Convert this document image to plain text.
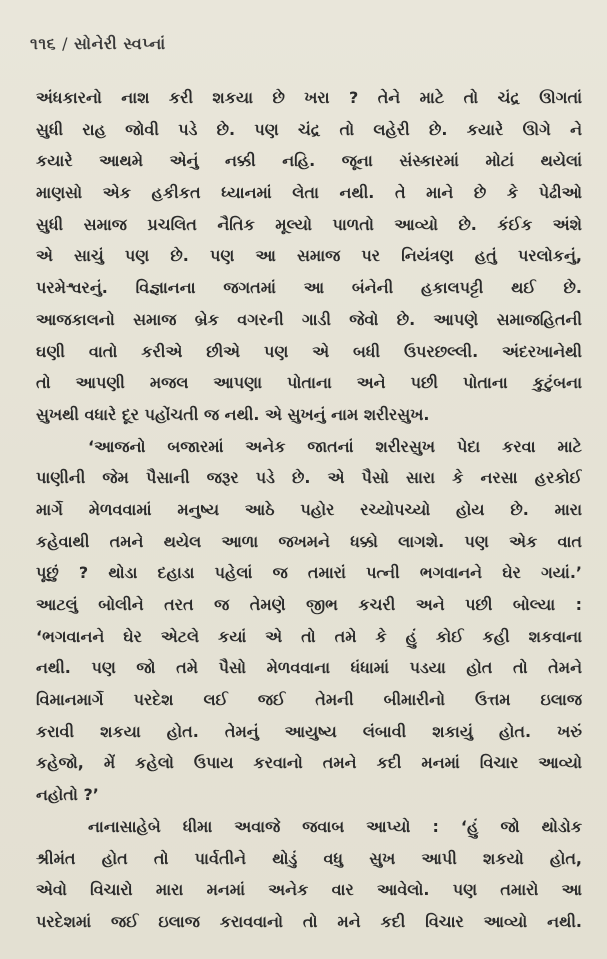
૧૧૬ / સોનેરી સ્વપ્નાં
અંધકારનો નાશ કરી શકયા છે ખરા ? તેને માટે તો ચંદ્ર ઊગતાં
સુધી રાહ જોવી પડે છે. પણ ચંદ્ર તો લહેરી છે. કયારે ઊગે ને
કયારે આથમે એનું નક્કી નહિ. જૂના સંસ્કારમાં મોટાં થયેલાં
માણસો એક હકીકત ધ્યાનમાં લેતા નથી. તે માને છે કે પેઢીઓ
સુધી સમાજ પ્રચલિત નૈતિક મૂલ્યો પાળતો આવ્યો છે. કંઈક અંશે
એ સાચું પણ છે. પણ આ સમાજ પર નિયંત્રણ હતું પરલોકનું,
પરમેશ્વરનું. વિજ્ઞાનના જગતમાં આ બંનેની હકાલપટ્ટી થઈ છે.
આજકાલનો સમાજ બ્રેક વગરની ગાડી જેવો છે. આપણે સમાજહિતની
ઘણી વાતો કરીએ છીએ પણ એ બધી ઉપરછલ્લી. અંદરખાનેથી
તો આપણી મજલ આપણા પોતાના અને પછી પોતાના કુટુંબના
સુખથી વધારે દૂર પહોંચતી જ નથી. એ સુખનું નામ શરીરસુખ.
‘આજનો બજારમાં અનેક જાતનાં શરીરસુખ પેદા કરવા માટે
પાણીની જેમ પૈસાની જરૂર પડે છે. એ પૈસો સારા કે નરસા હરકોઈ
માર્ગે મેળવવામાં મનુષ્ય આઠે પહોર રચ્યોપચ્યો હોય છે. મારા
કહેવાથી તમને થયેલ આળા જખમને ધક્કો લાગશે. પણ એક વાત
પૂછું ? થોડા દહાડા પહેલાં જ તમારાં પત્ની ભગવાનને ઘેર ગયાં.’
આટલું બોલીને તરત જ તેમણે જીભ કચરી અને પછી બોલ્યા :
‘ભગવાનને ઘેર એટલે કયાં એ તો તમે કે હું કોઈ કહી શકવાના
નથી. પણ જો તમે પૈસો મેળવવાના ધંધામાં પડયા હોત તો તેમને
વિમાનમાર્ગે પરદેશ લઈ જઈ તેમની બીમારીનો ઉત્તમ ઇલાજ
કરાવી શકયા હોત. તેમનું આયુષ્ય લંબાવી શકાયું હોત. ખરું
કહેજો, મેં કહેલો ઉપાય કરવાનો તમને કદી મનમાં વિચાર આવ્યો
નહોતો ?’
નાનાસાહેબે ધીમા અવાજે જવાબ આપ્યો : ‘હું જો થોડોક
શ્રીમંત હોત તો પાર્વતીને થોડું વધુ સુખ આપી શકયો હોત,
એવો વિચારો મારા મનમાં અનેક વાર આવેલો. પણ તમારો આ
પરદેશમાં જઈ ઇલાજ કરાવવાનો તો મને કદી વિચાર આવ્યો નથી.
